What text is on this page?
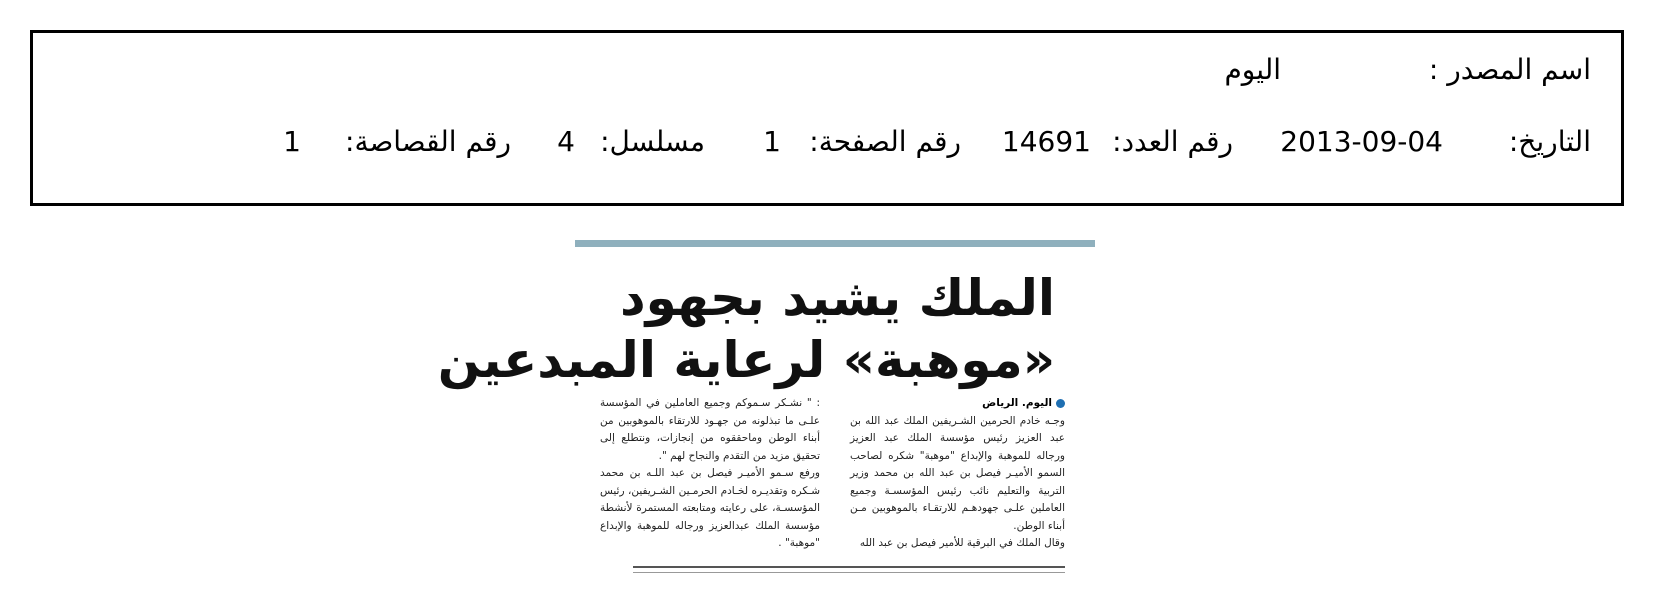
اسم المصدر :
اليوم
التاريخ:
2013-09-04
رقم العدد:
14691
رقم الصفحة:
1
مسلسل:
4
رقم القصاصة:
1
الملك يشيد بجهود
«موهبة» لرعاية المبدعين
اليوم. الرياض
وجـه خادم الحرمين الشـريفين الملك عبد الله بن عبد العزيز رئيس مؤسسة الملك عبد العزيز ورجاله للموهبة والإبداع "موهبة" شكره لصاحب السمو الأميـر فيصل بن عبد الله بن محمد وزير التربية والتعليم نائب رئيس المؤسسـة وجميع العاملين علـى جهودهـم للارتقـاء بالموهوبين مـن أبناء الوطن.
وقال الملك في البرقية للأمير فيصل بن عبد الله
: " نشـكر سـموكم وجميع العاملين في المؤسسة علـى ما تبذلونه من جهـود للارتقاء بالموهوبين من أبناء الوطن وماحققوه من إنجازات، ونتطلع إلى تحقيق مزيد من التقدم والنجاح لهم ".
ورفع سـمو الأميـر فيصل بن عبد اللـه بن محمد شـكره وتقديـره لخـادم الحرمـين الشـريفين، رئيس المؤسسـة، على رعايته ومتابعته المستمرة لأنشطة مؤسسة الملك عبدالعزيز ورجاله للموهبة والإبداع "موهبة" .
